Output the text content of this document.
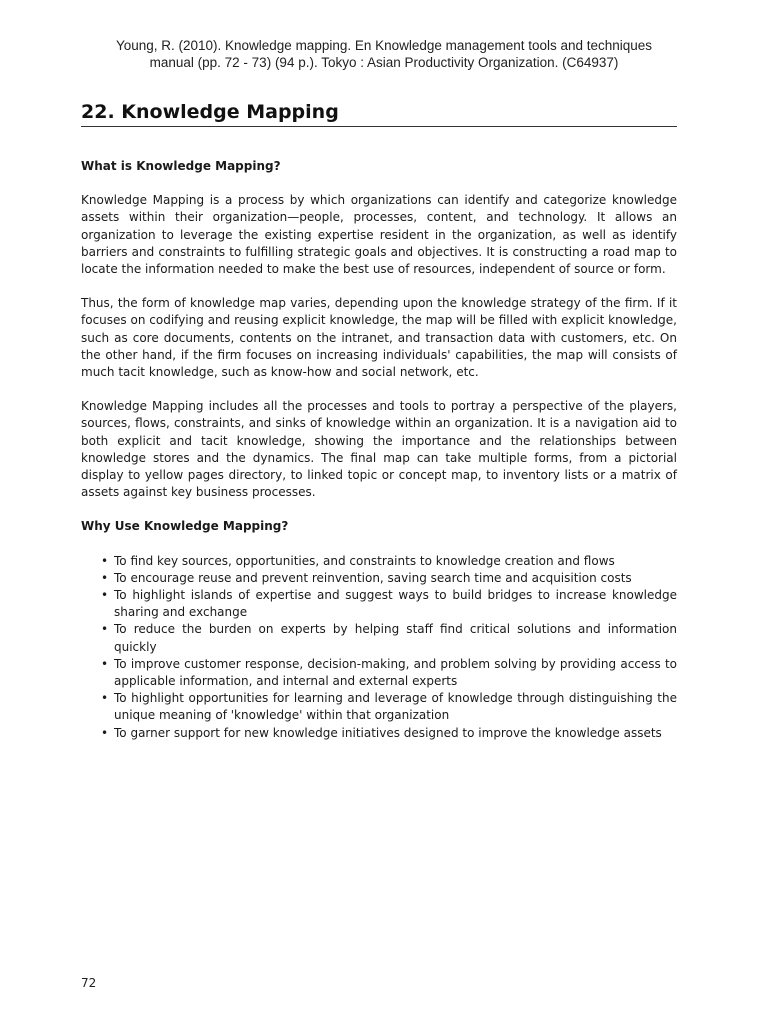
Young, R. (2010). Knowledge mapping. En Knowledge management tools and techniques manual (pp. 72 - 73) (94 p.). Tokyo : Asian Productivity Organization. (C64937)
22. Knowledge Mapping

What is Knowledge Mapping?

Knowledge Mapping is a process by which organizations can identify and categorize knowledge assets within their organization—people, processes, content, and technology. It allows an organization to leverage the existing expertise resident in the organization, as well as identify barriers and constraints to fulfilling strategic goals and objectives. It is constructing a road map to locate the information needed to make the best use of resources, independent of source or form.

Thus, the form of knowledge map varies, depending upon the knowledge strategy of the firm. If it focuses on codifying and reusing explicit knowledge, the map will be filled with explicit knowledge, such as core documents, contents on the intranet, and transaction data with customers, etc. On the other hand, if the firm focuses on increasing individuals' capabilities, the map will consists of much tacit knowledge, such as know-how and social network, etc.

Knowledge Mapping includes all the processes and tools to portray a perspective of the players, sources, flows, constraints, and sinks of knowledge within an organization. It is a navigation aid to both explicit and tacit knowledge, showing the importance and the relationships between knowledge stores and the dynamics. The final map can take multiple forms, from a pictorial display to yellow pages directory, to linked topic or concept map, to inventory lists or a matrix of assets against key business processes.

Why Use Knowledge Mapping?

• To find key sources, opportunities, and constraints to knowledge creation and flows
• To encourage reuse and prevent reinvention, saving search time and acquisition costs
• To highlight islands of expertise and suggest ways to build bridges to increase knowledge sharing and exchange
• To reduce the burden on experts by helping staff find critical solutions and information quickly
• To improve customer response, decision-making, and problem solving by providing access to applicable information, and internal and external experts
• To highlight opportunities for learning and leverage of knowledge through distinguishing the unique meaning of 'knowledge' within that organization
• To garner support for new knowledge initiatives designed to improve the knowledge assets
72
